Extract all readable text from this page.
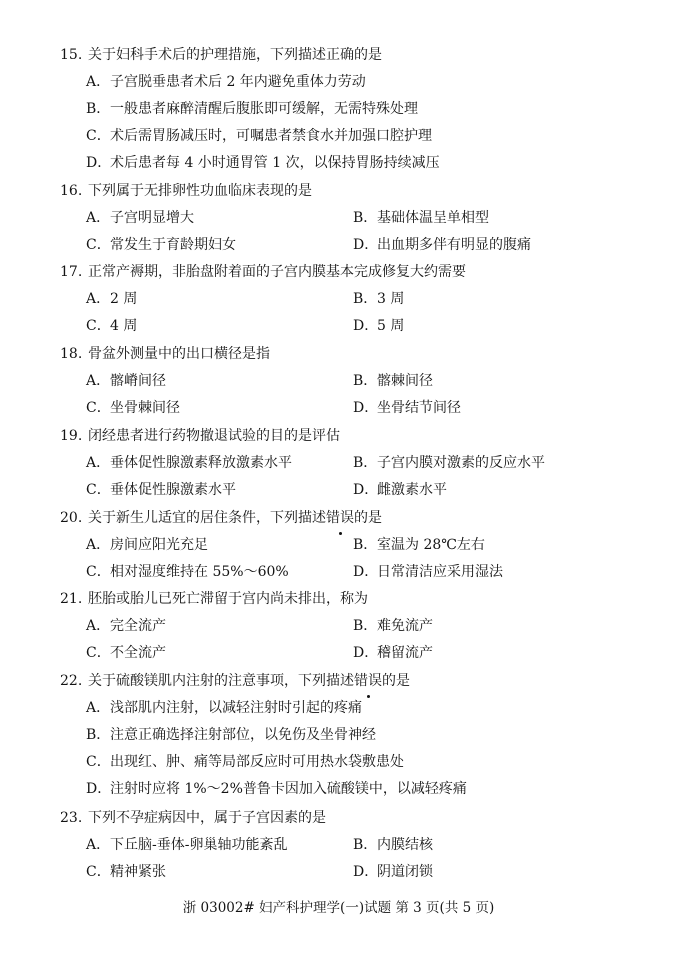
15. 关于妇科手术后的护理措施，下列描述正确的是
A．子宫脱垂患者术后 2 年内避免重体力劳动
B．一般患者麻醉清醒后腹胀即可缓解，无需特殊处理
C．术后需胃肠减压时，可嘱患者禁食水并加强口腔护理
D．术后患者每 4 小时通胃管 1 次，以保持胃肠持续减压
16. 下列属于无排卵性功血临床表现的是
A．子宫明显增大	B．基础体温呈单相型
C．常发生于育龄期妇女	D．出血期多伴有明显的腹痛
17. 正常产褥期，非胎盘附着面的子宫内膜基本完成修复大约需要
A．2 周	B．3 周
C．4 周	D．5 周
18. 骨盆外测量中的出口横径是指
A．髂嵴间径	B．髂棘间径
C．坐骨棘间径	D．坐骨结节间径
19. 闭经患者进行药物撤退试验的目的是评估
A．垂体促性腺激素释放激素水平	B．子宫内膜对激素的反应水平
C．垂体促性腺激素水平	D．雌激素水平
20. 关于新生儿适宜的居住条件，下列描述错误的是
A．房间应阳光充足	B．室温为 28℃左右
C．相对湿度维持在 55%～60%	D．日常清洁应采用湿法
21. 胚胎或胎儿已死亡滞留于宫内尚未排出，称为
A．完全流产	B．难免流产
C．不全流产	D．稽留流产
22. 关于硫酸镁肌内注射的注意事项，下列描述错误的是
A．浅部肌内注射，以减轻注射时引起的疼痛
B．注意正确选择注射部位，以免伤及坐骨神经
C．出现红、肿、痛等局部反应时可用热水袋敷患处
D．注射时应将 1%～2%普鲁卡因加入硫酸镁中，以减轻疼痛
23. 下列不孕症病因中，属于子宫因素的是
A．下丘脑-垂体-卵巢轴功能紊乱	B．内膜结核
C．精神紧张	D．阴道闭锁
浙 03002# 妇产科护理学(一)试题 第 3 页(共 5 页)
